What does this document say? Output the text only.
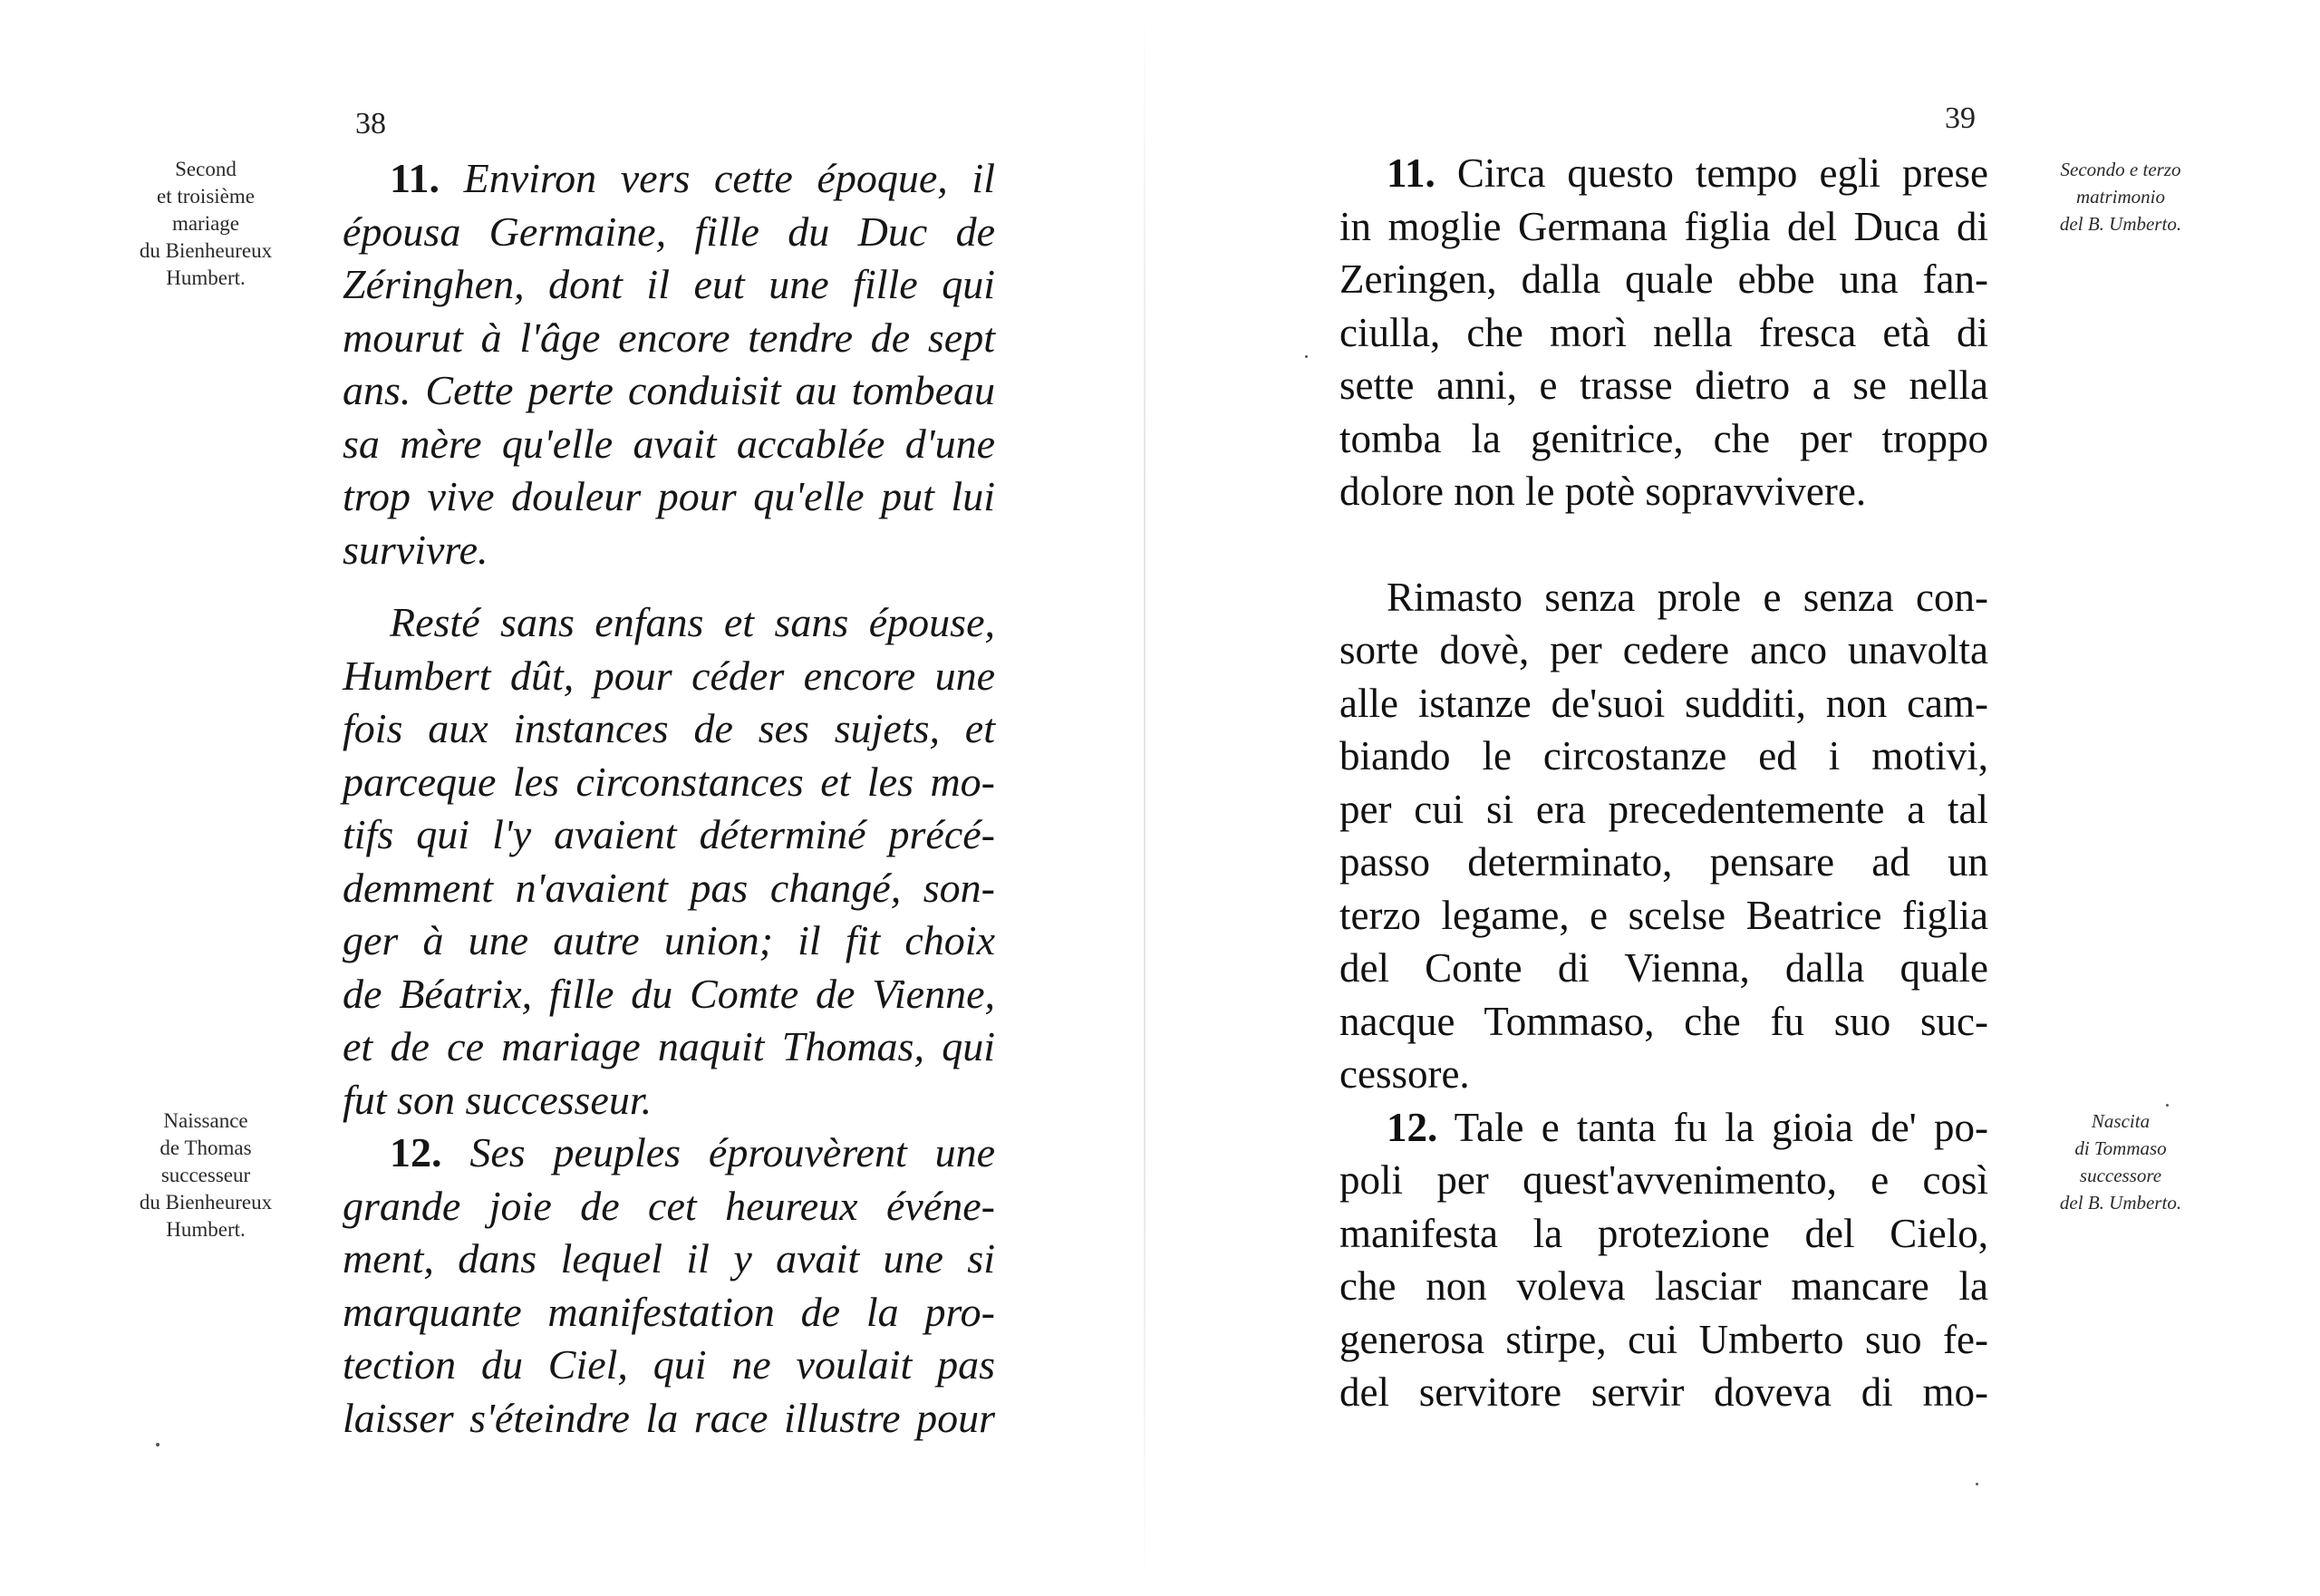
38
Second
et troisième
mariage
du Bienheureux
Humbert.
Naissance
de Thomas
successeur
du Bienheureux
Humbert.
11. Environ vers cette époque, il
épousa Germaine, fille du Duc de
Zéringhen, dont il eut une fille qui
mourut à l'âge encore tendre de sept
ans. Cette perte conduisit au tombeau
sa mère qu'elle avait accablée d'une
trop vive douleur pour qu'elle put lui
survivre.
Resté sans enfans et sans épouse,
Humbert dût, pour céder encore une
fois aux instances de ses sujets, et
parceque les circonstances et les mo-
tifs qui l'y avaient déterminé précé-
demment n'avaient pas changé, son-
ger à une autre union; il fit choix
de Béatrix, fille du Comte de Vienne,
et de ce mariage naquit Thomas, qui
fut son successeur.
12. Ses peuples éprouvèrent une
grande joie de cet heureux événe-
ment, dans lequel il y avait une si
marquante manifestation de la pro-
tection du Ciel, qui ne voulait pas
laisser s'éteindre la race illustre pour
39
11. Circa questo tempo egli prese
in moglie Germana figlia del Duca di
Zeringen, dalla quale ebbe una fan-
ciulla, che morì nella fresca età di
sette anni, e trasse dietro a se nella
tomba la genitrice, che per troppo
dolore non le potè sopravvivere.
Rimasto senza prole e senza con-
sorte dovè, per cedere anco unavolta
alle istanze de'suoi sudditi, non cam-
biando le circostanze ed i motivi,
per cui si era precedentemente a tal
passo determinato, pensare ad un
terzo legame, e scelse Beatrice figlia
del Conte di Vienna, dalla quale
nacque Tommaso, che fu suo suc-
cessore.
12. Tale e tanta fu la gioia de' po-
poli per quest'avvenimento, e così
manifesta la protezione del Cielo,
che non voleva lasciar mancare la
generosa stirpe, cui Umberto suo fe-
del servitore servir doveva di mo-
Secondo e terzo
matrimonio
del B. Umberto.
Nascita
di Tommaso
successore
del B. Umberto.
